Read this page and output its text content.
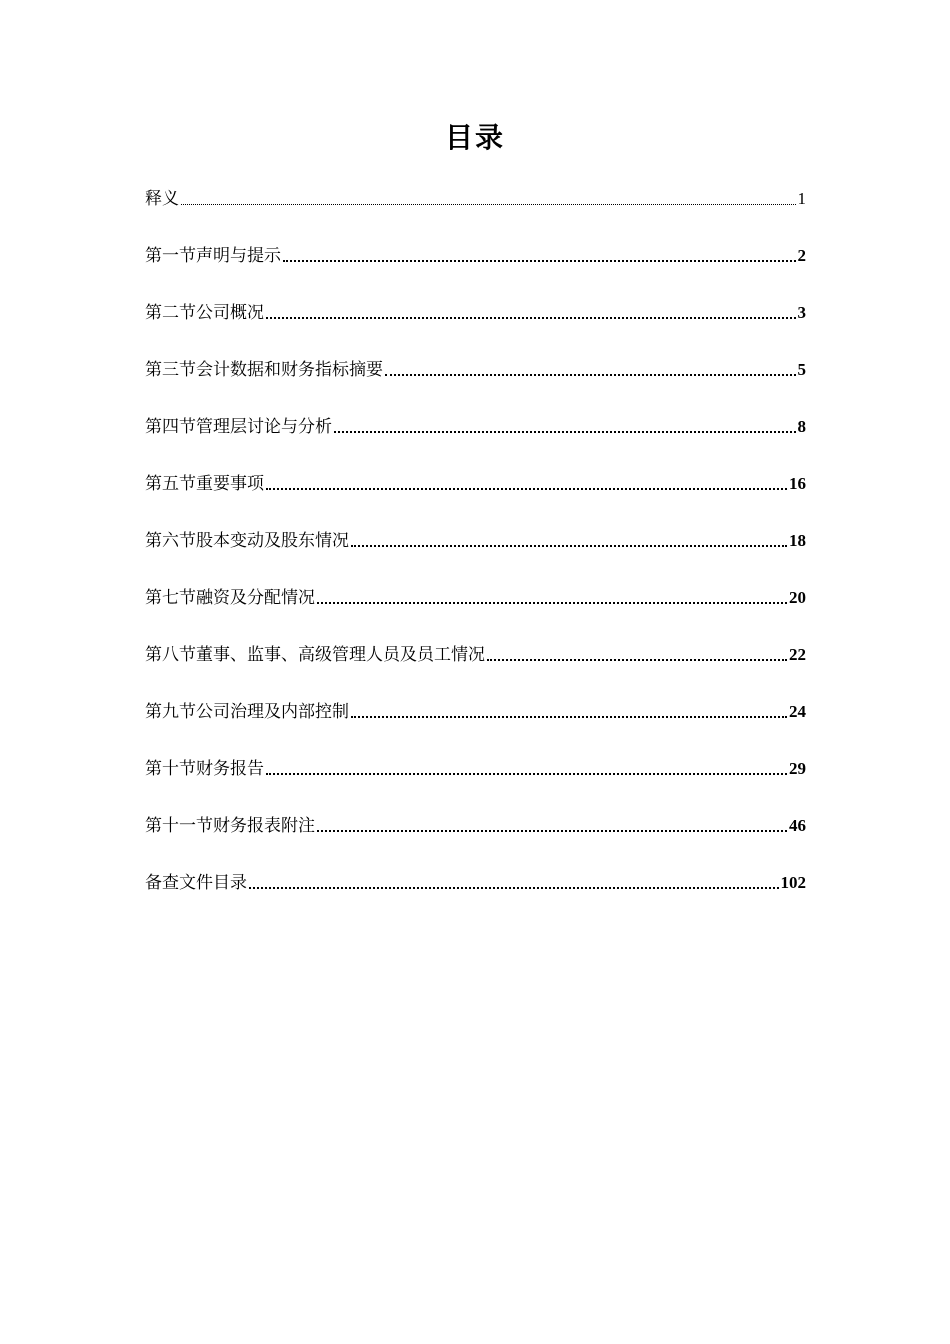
目录
释义	1
第一节声明与提示	2
第二节公司概况	3
第三节会计数据和财务指标摘要	5
第四节管理层讨论与分析	8
第五节重要事项	16
第六节股本变动及股东情况	18
第七节融资及分配情况	20
第八节董事、监事、高级管理人员及员工情况	22
第九节公司治理及内部控制	24
第十节财务报告	29
第十一节财务报表附注	46
备查文件目录	102
